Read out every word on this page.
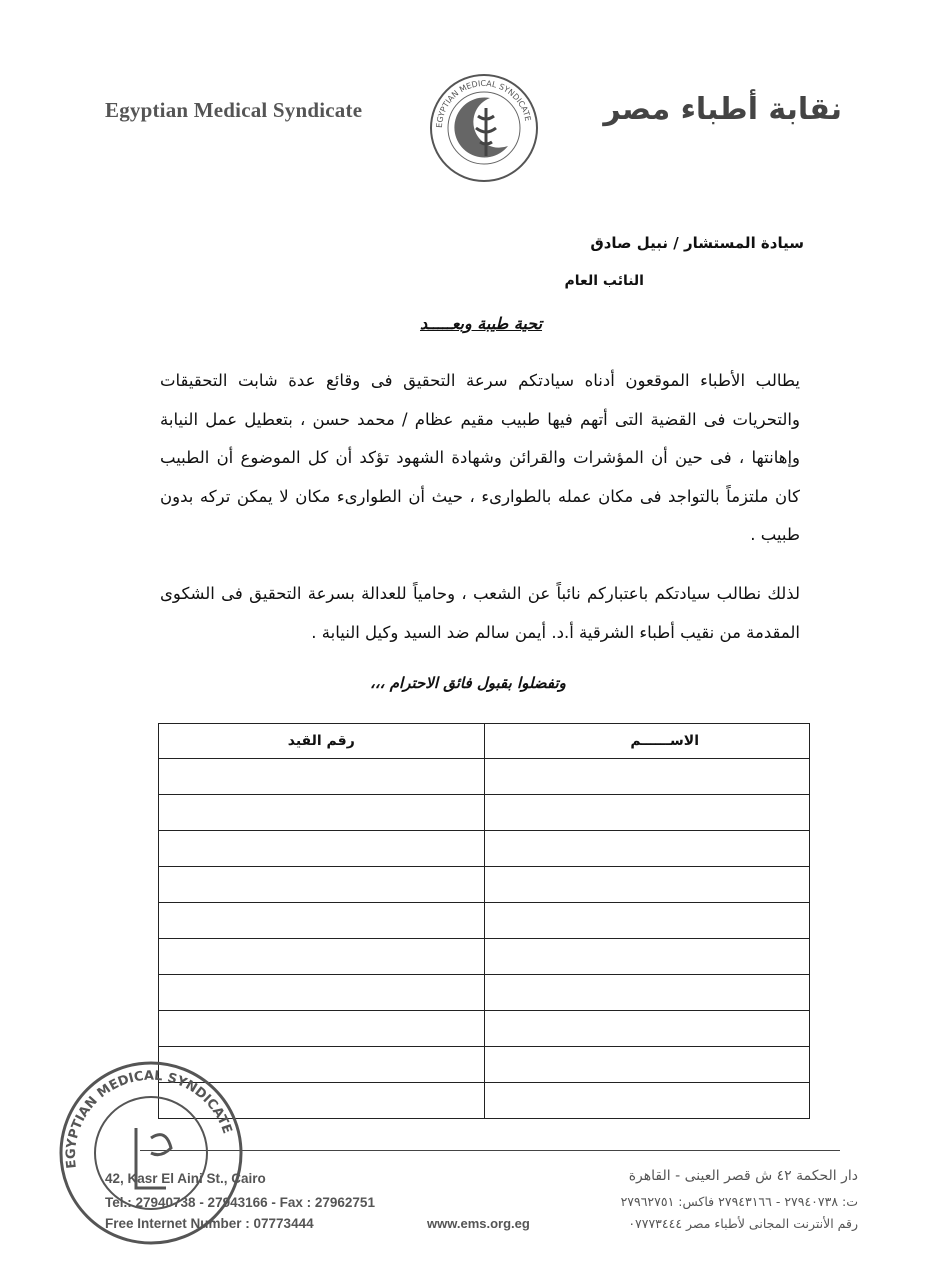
Egyptian Medical Syndicate
EGYPTIAN MEDICAL SYNDICATE نقابة أطباء مصر
سيادة المستشار / نبيل صادق
النائب العام
تحية طيبة وبعـــــد
يطالب الأطباء الموقعون أدناه سيادتكم سرعة التحقيق فى وقائع عدة شابت التحقيقات والتحريات فى القضية التى أتهم فيها طبيب مقيم عظام / محمد حسن ، بتعطيل عمل النيابة وإهانتها ، فى حين أن المؤشرات والقرائن وشهادة الشهود تؤكد أن كل الموضوع أن الطبيب كان ملتزماً بالتواجد فى مكان عمله بالطوارىء ، حيث أن الطوارىء مكان لا يمكن تركه بدون طبيب .
لذلك نطالب سيادتكم باعتباركم نائباً عن الشعب ، وحامياً للعدالة بسرعة التحقيق فى الشكوى المقدمة من نقيب أطباء الشرقية أ.د. أيمن سالم ضد السيد وكيل النيابة .
وتفضلوا بقبول فائق الاحترام ،،،
الاســــــم	رقم القيد

42, Kasr El Aini St., Cairo
Tel.: 27940738 - 27943166 - Fax : 27962751
Free Internet Number : 07773444	www.ems.org.eg
دار الحكمة ٤٢ ش قصر العينى - القاهرة
ت: ٢٧٩٤٠٧٣٨ - ٢٧٩٤٣١٦٦ فاكس: ٢٧٩٦٢٧٥١
رقم الأنترنت المجانى لأطباء مصر ٠٧٧٧٣٤٤٤
EGYPTIAN MEDICAL SYNDICATE
